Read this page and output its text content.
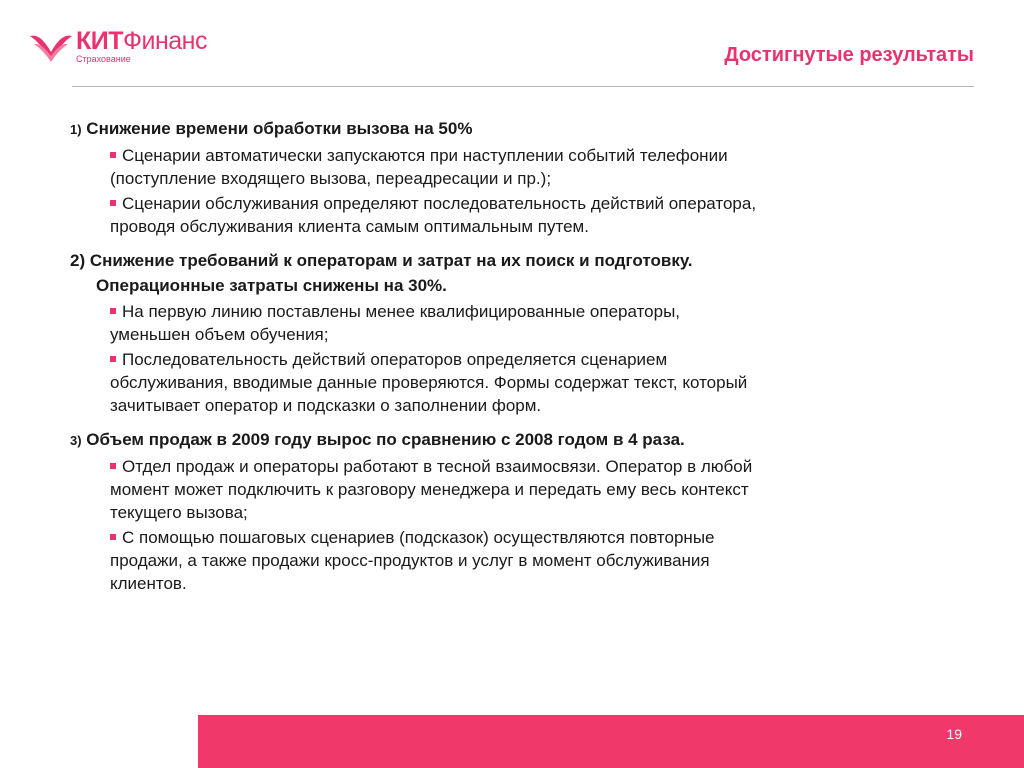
КИТФинанс
Страхование	Достигнутые результаты
1) Снижение времени обработки вызова на 50%
Сценарии автоматически запускаются при наступлении событий телефонии
(поступление входящего вызова, переадресации и пр.);
Сценарии обслуживания определяют последовательность действий оператора,
проводя обслуживания клиента самым оптимальным путем.
2) Снижение требований к операторам и затрат на их поиск и подготовку.
Операционные затраты снижены на 30%.
На первую линию поставлены менее квалифицированные операторы,
уменьшен объем обучения;
Последовательность действий операторов определяется сценарием
обслуживания, вводимые данные проверяются. Формы содержат текст, который
зачитывает оператор и подсказки о заполнении форм.
3) Объем продаж в 2009 году вырос по сравнению с 2008 годом в 4 раза.
Отдел продаж и операторы работают в тесной взаимосвязи. Оператор в любой
момент может подключить к разговору менеджера и передать ему весь контекст
текущего вызова;
С помощью пошаговых сценариев (подсказок) осуществляются повторные
продажи, а также продажи кросс-продуктов и услуг в момент обслуживания
клиентов.
19
